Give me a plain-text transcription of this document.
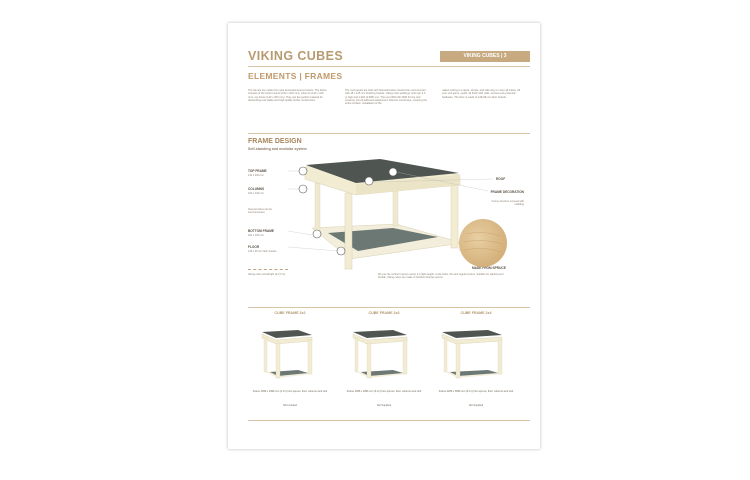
VIKING CUBES	VIKING CUBES | 3
ELEMENTS | FRAMES
The frames are made from glue laminated spruce beams. The frame consists of the bottom frame (100 x 100 mm), columns (140 x 140 mm), top frame (140 x 200 mm). They are the perfect material for demanding and stable and high-quality timber construction.
The roof panels are built with dovetail timber construction and covered with 18 x 125 mm finishing boards. Viking cube weldings' units are 2.0 m high and 1,002 (2,598) mm. The use NIDA 3D 1000 for the roof covering, bio-oil adhesive elastomeric bitumen membrane, covering the entire surface, installation of the
naked roofing is a quick, simple, and safe way to cover all cubes. All your roof joints, yields, all finish with nails, screws and protected hardware. The floor is made of 146x28 mm floor boards.
FRAME DESIGN
Self-standing and modular system
TOP FRAME
140 x 200 mm
COLUMNS
140 x 140 mm
Several cubes can be interconnected
BOTTOM FRAME
100 x 100 mm
FLOOR
146 x 28 mm floor boards
Viking cube overall light (& 2,0 m)
ROOF
FRAME DECORATION
Frame structure covered with cladding
MADE FROM SPRUCE
We use the northern spruce wood, it is light-weight, resist strike, thin and regular texture. Suitable for painting and flexible. Viking cubes are made of Northern Europe spruce.
CUBE FRAME 2x2	CUBE FRAME 2x3	CUBE FRAME 2x4
Frame 1996 x 1996 mm (4 m²) from spruce, floor, columns and roof
Not Included
Frame 1996 x 2996 mm (6 m²) from spruce, floor, columns and roof
Not Supplied
Frame 2286 x 3996 mm (8 m²) from spruce, floor, columns and roof
Not Supplied
